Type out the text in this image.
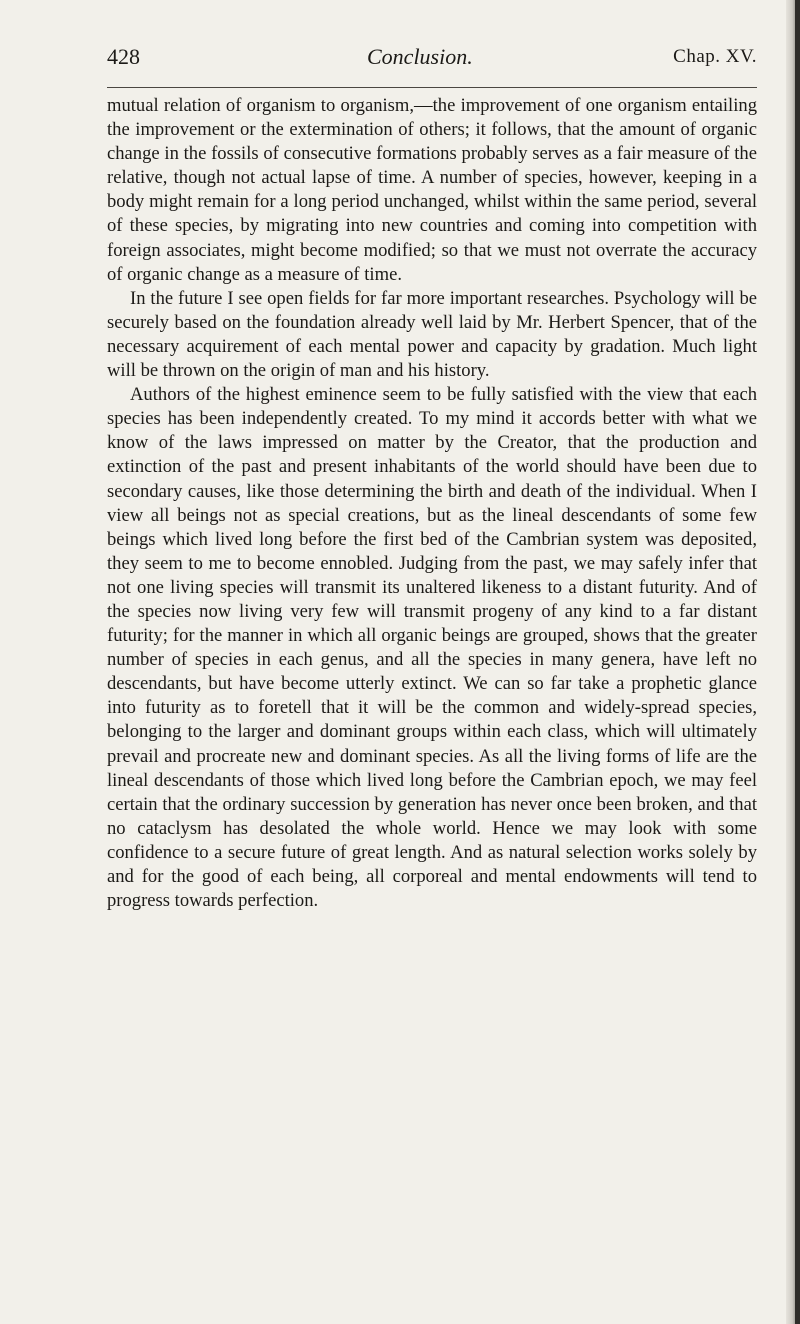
428	Conclusion.	Chap. XV.

mutual relation of organism to organism,—the improvement of one organism entailing the improvement or the extermination of others; it follows, that the amount of organic change in the fossils of consecutive formations probably serves as a fair measure of the relative, though not actual lapse of time. A number of species, however, keeping in a body might remain for a long period unchanged, whilst within the same period, several of these species, by migrating into new countries and coming into competition with foreign associates, might become modified; so that we must not overrate the accuracy of organic change as a measure of time.

In the future I see open fields for far more important researches. Psychology will be securely based on the foundation already well laid by Mr. Herbert Spencer, that of the necessary acquirement of each mental power and capacity by gradation. Much light will be thrown on the origin of man and his history.

Authors of the highest eminence seem to be fully satisfied with the view that each species has been independently created. To my mind it accords better with what we know of the laws impressed on matter by the Creator, that the production and extinction of the past and present inhabitants of the world should have been due to secondary causes, like those determining the birth and death of the individual. When I view all beings not as special creations, but as the lineal descendants of some few beings which lived long before the first bed of the Cambrian system was deposited, they seem to me to become ennobled. Judging from the past, we may safely infer that not one living species will transmit its unaltered likeness to a distant futurity. And of the species now living very few will transmit progeny of any kind to a far distant futurity; for the manner in which all organic beings are grouped, shows that the greater number of species in each genus, and all the species in many genera, have left no descendants, but have become utterly extinct. We can so far take a prophetic glance into futurity as to foretell that it will be the common and widely-spread species, belonging to the larger and dominant groups within each class, which will ultimately prevail and procreate new and dominant species. As all the living forms of life are the lineal descendants of those which lived long before the Cambrian epoch, we may feel certain that the ordinary succession by generation has never once been broken, and that no cataclysm has desolated the whole world. Hence we may look with some confidence to a secure future of great length. And as natural selection works solely by and for the good of each being, all corporeal and mental endowments will tend to progress towards perfection.
